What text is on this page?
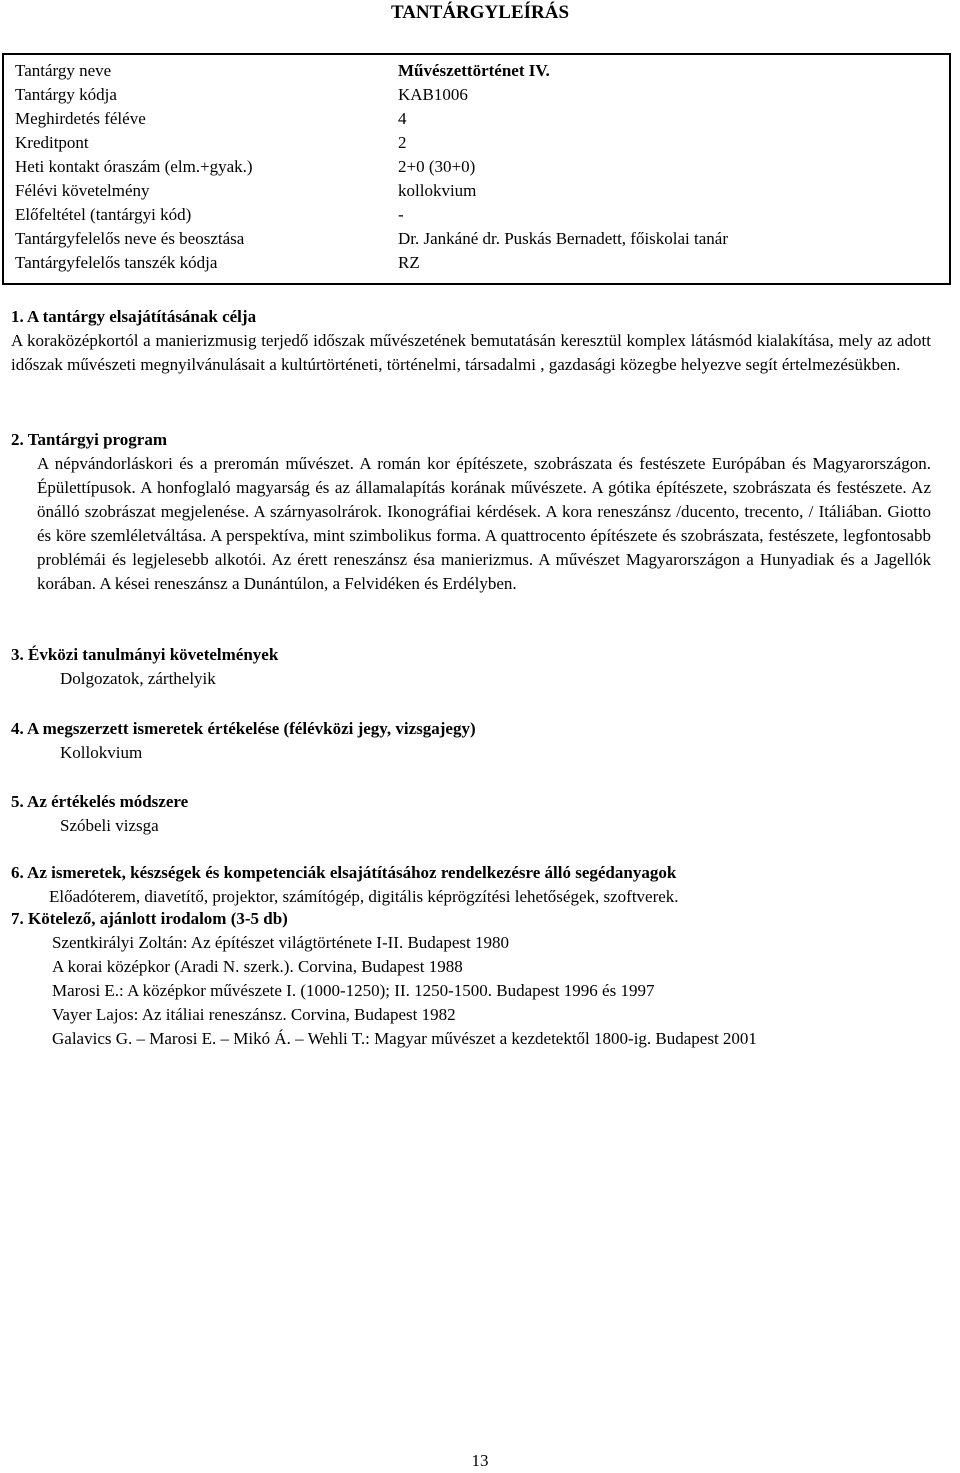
TANTÁRGYLEÍRÁS
Tantárgy neve	Művészettörténet IV.
Tantárgy kódja	KAB1006
Meghirdetés féléve	4
Kreditpont	2
Heti kontakt óraszám (elm.+gyak.)	2+0 (30+0)
Félévi követelmény	kollokvium
Előfeltétel (tantárgyi kód)	-
Tantárgyfelelős neve és beosztása	Dr. Jankáné dr. Puskás Bernadett, főiskolai tanár
Tantárgyfelelős tanszék kódja	RZ
1. A tantárgy elsajátításának célja

A koraközépkortól a manierizmusig terjedő időszak művészetének bemutatásán keresztül komplex látásmód kialakítása, mely az adott időszak művészeti megnyilvánulásait a kultúrtörténeti, történelmi, társadalmi , gazdasági közegbe helyezve segít értelmezésükben.

2. Tantárgyi program

A népvándorláskori és a preromán művészet. A román kor építészete, szobrászata és festészete Európában és Magyarországon. Épülettípusok. A honfoglaló magyarság és az államalapítás korának művészete. A gótika építészete, szobrászata és festészete. Az önálló szobrászat megjelenése. A szárnyasolrárok. Ikonográfiai kérdések. A kora reneszánsz /ducento, trecento, / Itáliában. Giotto és köre szemléletváltása. A perspektíva, mint szimbolikus forma. A quattrocento építészete és szobrászata, festészete, legfontosabb problémái és legjelesebb alkotói. Az érett reneszánsz ésa manierizmus. A művészet Magyarországon a Hunyadiak és a Jagellók korában. A kései reneszánsz a Dunántúlon, a Felvidéken és Erdélyben.

3. Évközi tanulmányi követelmények
Dolgozatok, zárthelyik
4. A megszerzett ismeretek értékelése (félévközi jegy, vizsgajegy)
Kollokvium
5. Az értékelés módszere
Szóbeli vizsga
6. Az ismeretek, készségek és kompetenciák elsajátításához rendelkezésre álló segédanyagok
Előadóterem, diavetítő, projektor, számítógép, digitális képrögzítési lehetőségek, szoftverek.
7. Kötelező, ajánlott irodalom (3-5 db)
Szentkirályi Zoltán: Az építészet világtörténete I-II. Budapest 1980
A korai középkor (Aradi N. szerk.). Corvina, Budapest 1988
Marosi E.: A középkor művészete I. (1000-1250); II. 1250-1500. Budapest 1996 és 1997
Vayer Lajos: Az itáliai reneszánsz. Corvina, Budapest 1982
Galavics G. – Marosi E. – Mikó Á. – Wehli T.: Magyar művészet a kezdetektől 1800-ig. Budapest 2001
13
